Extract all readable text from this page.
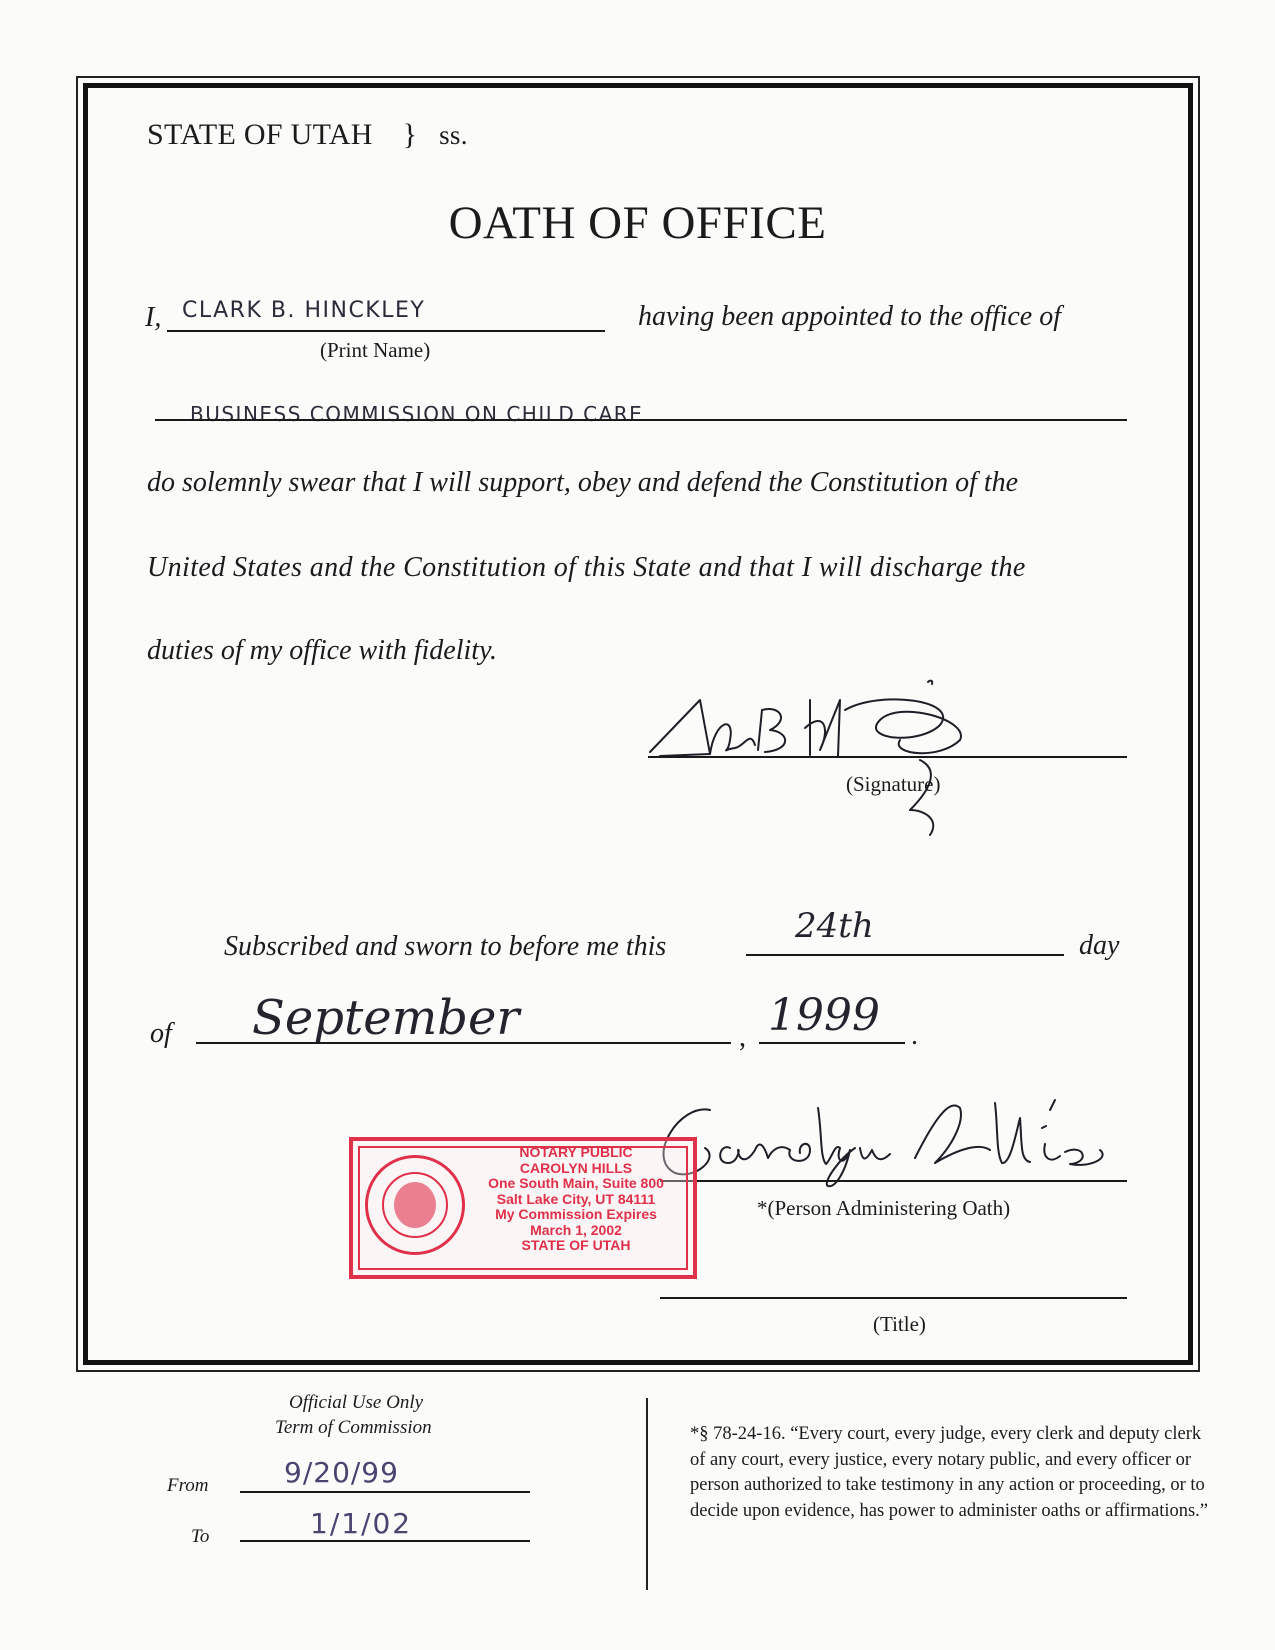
STATE OF UTAH } ss.
OATH OF OFFICE
I, CLARK B. HINCKLEY
(Print Name)
having been appointed to the office of
BUSINESS COMMISSION ON CHILD CARE
do solemnly swear that I will support, obey and defend the Constitution of the
United States and the Constitution of this State and that I will discharge the
duties of my office with fidelity.
(Signature)
Subscribed and sworn to before me this
24th	day
of September	, 1999 .
*(Person Administering Oath)
NOTARY PUBLIC
CAROLYN HILLS
One South Main, Suite 800
Salt Lake City, UT 84111
My Commission Expires
March 1, 2002
STATE OF UTAH
(Title)
Official Use Only
Term of Commission
From	9/20/99
To	1/1/02
*§ 78-24-16. “Every court, every judge, every clerk and deputy clerk of any court, every justice, every notary public, and every officer or person authorized to take testimony in any action or proceeding, or to decide upon evidence, has power to administer oaths or affirmations.”
